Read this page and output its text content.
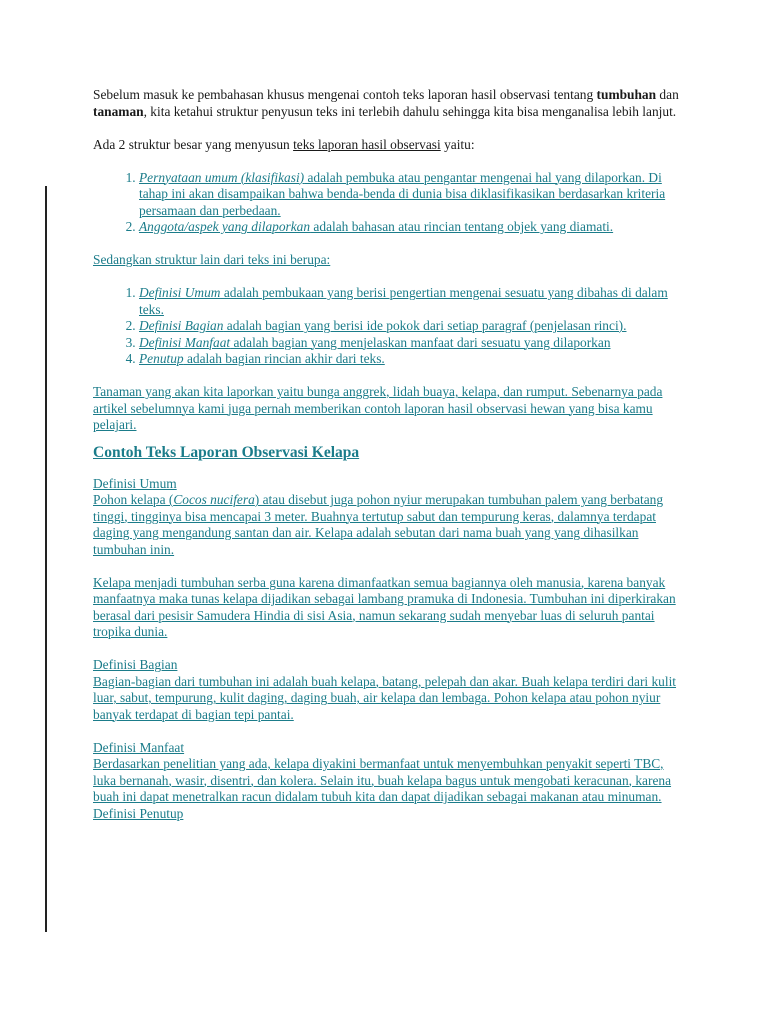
Sebelum masuk ke pembahasan khusus mengenai contoh teks laporan hasil observasi tentang tumbuhan dan tanaman, kita ketahui struktur penyusun teks ini terlebih dahulu sehingga kita bisa menganalisa lebih lanjut.

Ada 2 struktur besar yang menyusun teks laporan hasil observasi yaitu:

1. Pernyataan umum (klasifikasi) adalah pembuka atau pengantar mengenai hal yang dilaporkan. Di tahap ini akan disampaikan bahwa benda-benda di dunia bisa diklasifikasikan berdasarkan kriteria persamaan dan perbedaan.
2. Anggota/aspek yang dilaporkan adalah bahasan atau rincian tentang objek yang diamati.

Sedangkan struktur lain dari teks ini berupa:

1. Definisi Umum adalah pembukaan yang berisi pengertian mengenai sesuatu yang dibahas di dalam teks.
2. Definisi Bagian adalah bagian yang berisi ide pokok dari setiap paragraf (penjelasan rinci).
3. Definisi Manfaat adalah bagian yang menjelaskan manfaat dari sesuatu yang dilaporkan
4. Penutup adalah bagian rincian akhir dari teks.

Tanaman yang akan kita laporkan yaitu bunga anggrek, lidah buaya, kelapa, dan rumput. Sebenarnya pada artikel sebelumnya kami juga pernah memberikan contoh laporan hasil observasi hewan yang bisa kamu pelajari.

Contoh Teks Laporan Observasi Kelapa

Definisi Umum
Pohon kelapa (Cocos nucifera) atau disebut juga pohon nyiur merupakan tumbuhan palem yang berbatang tinggi, tingginya bisa mencapai 3 meter. Buahnya tertutup sabut dan tempurung keras, dalamnya terdapat daging yang mengandung santan dan air. Kelapa adalah sebutan dari nama buah yang yang dihasilkan tumbuhan inin.

Kelapa menjadi tumbuhan serba guna karena dimanfaatkan semua bagiannya oleh manusia, karena banyak manfaatnya maka tunas kelapa dijadikan sebagai lambang pramuka di Indonesia. Tumbuhan ini diperkirakan berasal dari pesisir Samudera Hindia di sisi Asia, namun sekarang sudah menyebar luas di seluruh pantai tropika dunia.

Definisi Bagian
Bagian-bagian dari tumbuhan ini adalah buah kelapa, batang, pelepah dan akar. Buah kelapa terdiri dari kulit luar, sabut, tempurung, kulit daging, daging buah, air kelapa dan lembaga. Pohon kelapa atau pohon nyiur banyak terdapat di bagian tepi pantai.

Definisi Manfaat
Berdasarkan penelitian yang ada, kelapa diyakini bermanfaat untuk menyembuhkan penyakit seperti TBC, luka bernanah, wasir, disentri, dan kolera. Selain itu, buah kelapa bagus untuk mengobati keracunan, karena buah ini dapat menetralkan racun didalam tubuh kita dan dapat dijadikan sebagai makanan atau minuman.

Definisi Penutup
